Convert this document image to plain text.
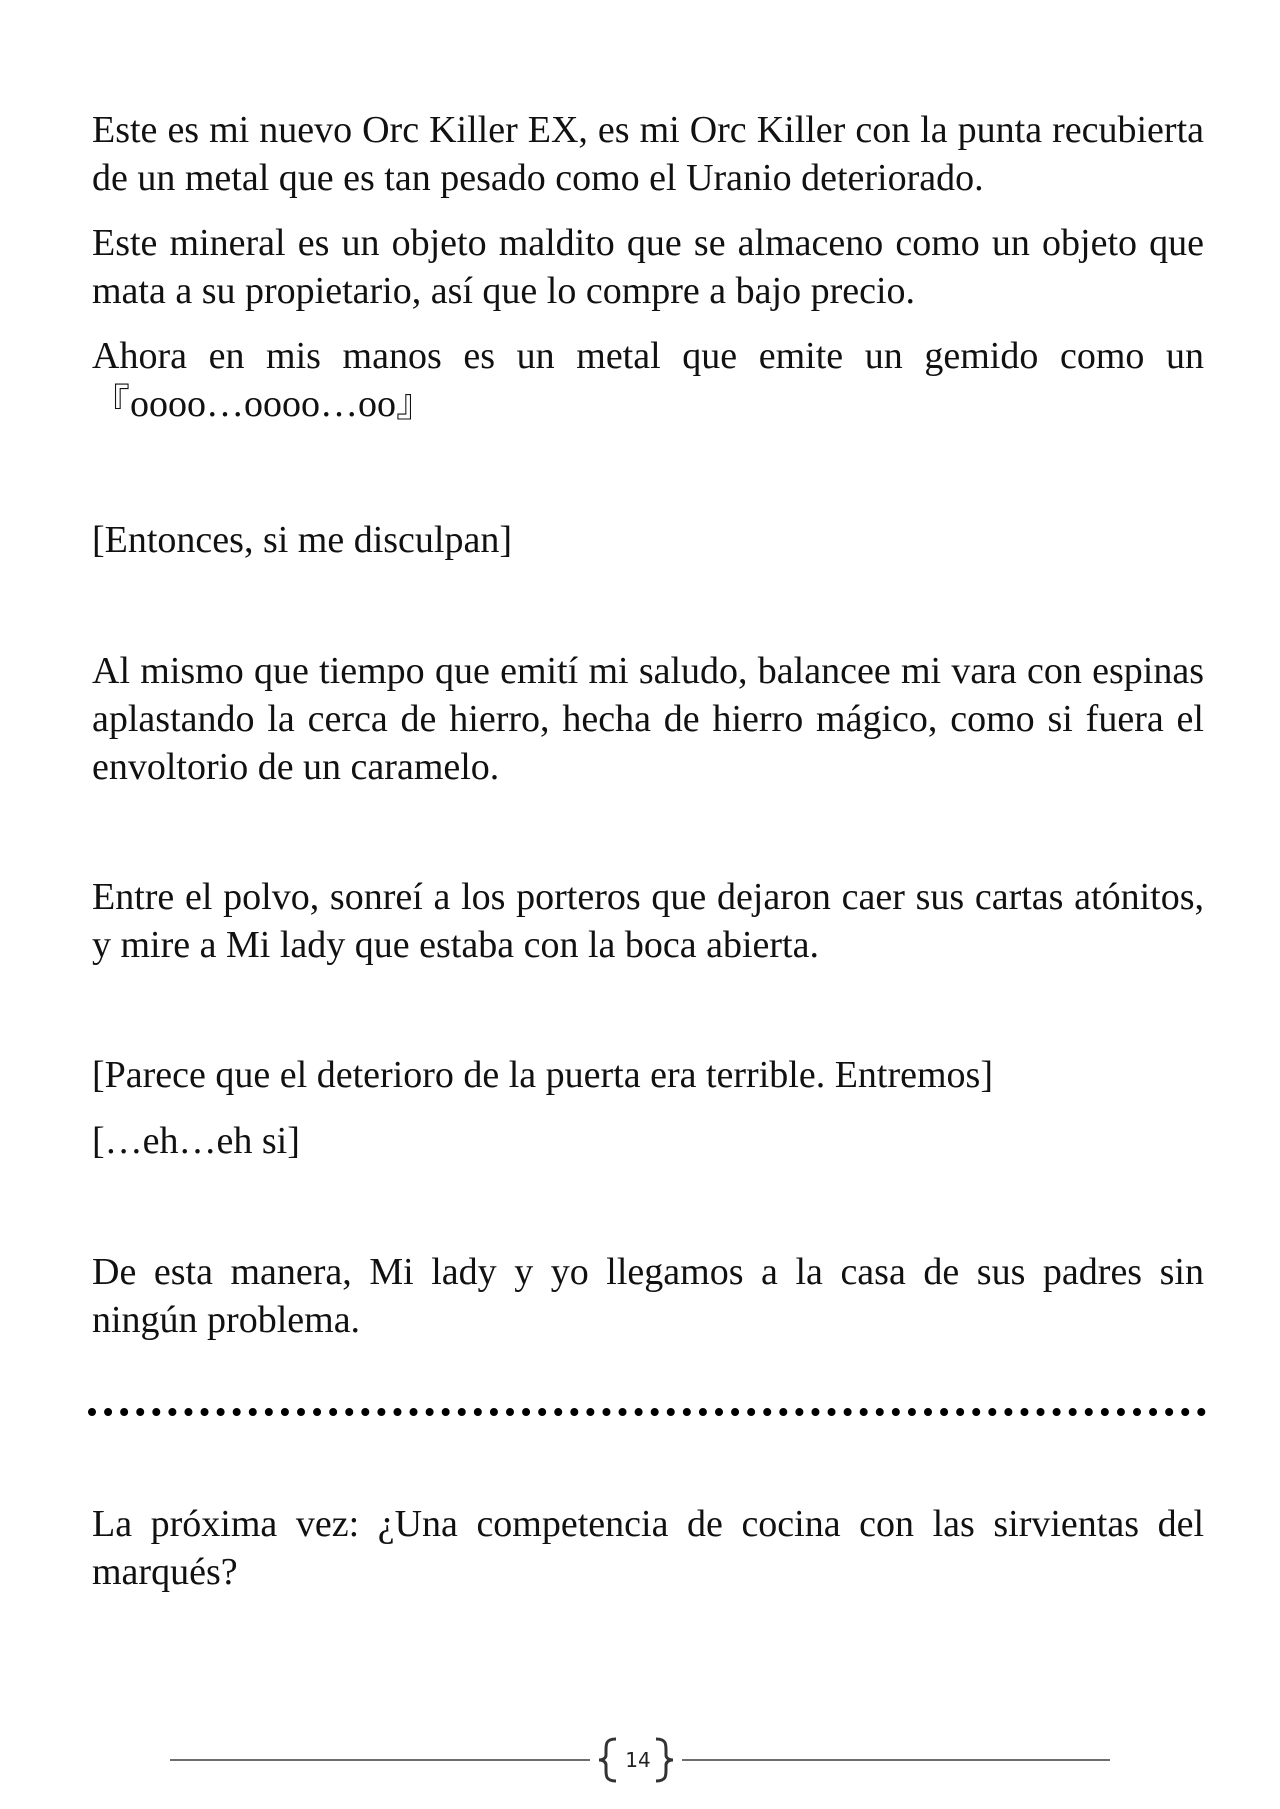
Este es mi nuevo Orc Killer EX, es mi Orc Killer con la punta recubierta de un metal que es tan pesado como el Uranio deteriorado.

Este mineral es un objeto maldito que se almaceno como un objeto que mata a su propietario, así que lo compre a bajo precio.

Ahora en mis manos es un metal que emite un gemido como un 『oooo…oooo…oo』

[Entonces, si me disculpan]

Al mismo que tiempo que emití mi saludo, balancee mi vara con espinas aplastando la cerca de hierro, hecha de hierro mágico, como si fuera el envoltorio de un caramelo.

Entre el polvo, sonreí a los porteros que dejaron caer sus cartas atónitos, y mire a Mi lady que estaba con la boca abierta.

[Parece que el deterioro de la puerta era terrible. Entremos]

[…eh…eh si]

De esta manera, Mi lady y yo llegamos a la casa de sus padres sin ningún problema.

La próxima vez: ¿Una competencia de cocina con las sirvientas del marqués?

14
